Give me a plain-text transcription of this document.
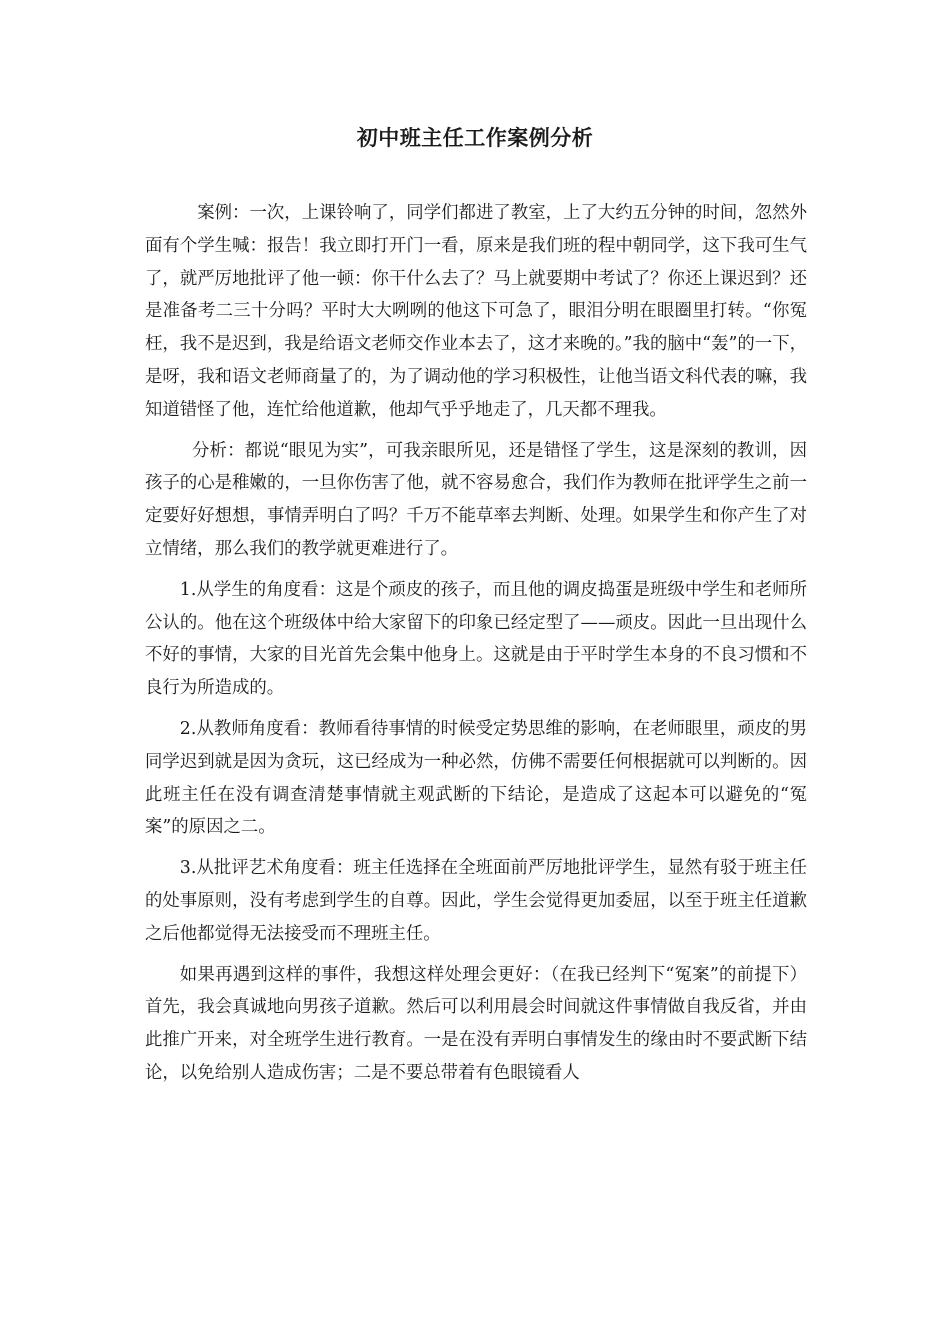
初中班主任工作案例分析

案例：一次，上课铃响了，同学们都进了教室，上了大约五分钟的时间，忽然外面有个学生喊：报告！我立即打开门一看，原来是我们班的程中朝同学，这下我可生气了，就严厉地批评了他一顿：你干什么去了？马上就要期中考试了？你还上课迟到？还是准备考二三十分吗？平时大大咧咧的他这下可急了，眼泪分明在眼圈里打转。“你冤枉，我不是迟到，我是给语文老师交作业本去了，这才来晚的。”我的脑中“轰”的一下，是呀，我和语文老师商量了的，为了调动他的学习积极性，让他当语文科代表的嘛，我知道错怪了他，连忙给他道歉，他却气乎乎地走了，几天都不理我。

分析：都说“眼见为实”，可我亲眼所见，还是错怪了学生，这是深刻的教训，因孩子的心是稚嫩的，一旦你伤害了他，就不容易愈合，我们作为教师在批评学生之前一定要好好想想，事情弄明白了吗？千万不能草率去判断、处理。如果学生和你产生了对立情绪，那么我们的教学就更难进行了。

1.从学生的角度看：这是个顽皮的孩子，而且他的调皮捣蛋是班级中学生和老师所公认的。他在这个班级体中给大家留下的印象已经定型了——顽皮。因此一旦出现什么不好的事情，大家的目光首先会集中他身上。这就是由于平时学生本身的不良习惯和不良行为所造成的。

2.从教师角度看：教师看待事情的时候受定势思维的影响，在老师眼里，顽皮的男同学迟到就是因为贪玩，这已经成为一种必然，仿佛不需要任何根据就可以判断的。因此班主任在没有调查清楚事情就主观武断的下结论，是造成了这起本可以避免的“冤案”的原因之二。

3.从批评艺术角度看：班主任选择在全班面前严厉地批评学生，显然有驳于班主任的处事原则，没有考虑到学生的自尊。因此，学生会觉得更加委屈，以至于班主任道歉之后他都觉得无法接受而不理班主任。

如果再遇到这样的事件，我想这样处理会更好：（在我已经判下“冤案”的前提下）首先，我会真诚地向男孩子道歉。然后可以利用晨会时间就这件事情做自我反省，并由此推广开来，对全班学生进行教育。一是在没有弄明白事情发生的缘由时不要武断下结论，以免给别人造成伤害；二是不要总带着有色眼镜看人
